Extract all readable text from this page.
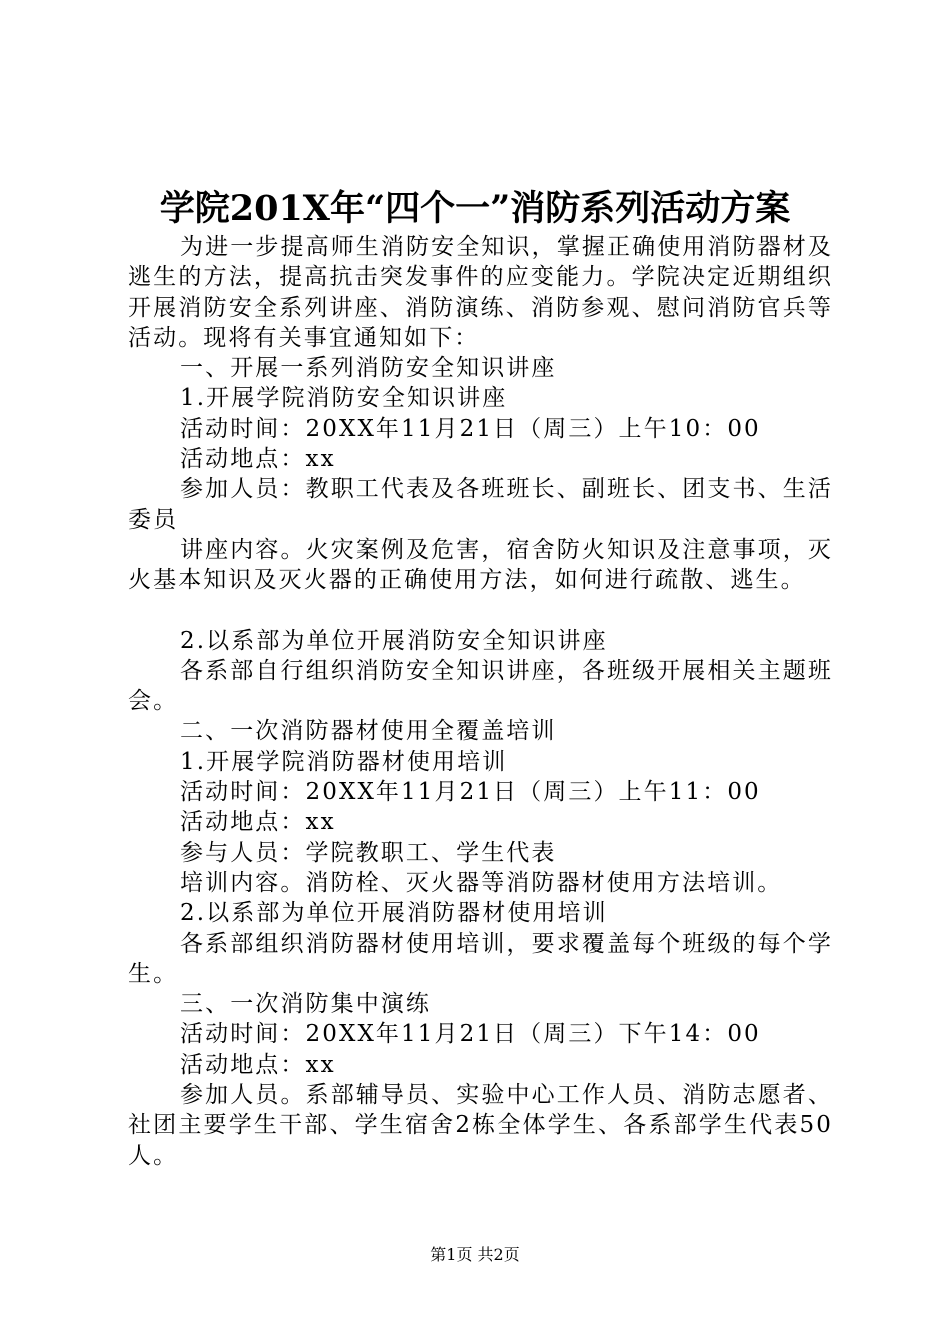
学院201X年“四个一”消防系列活动方案

为进一步提高师生消防安全知识，掌握正确使用消防器材及逃生的方法，提高抗击突发事件的应变能力。学院决定近期组织开展消防安全系列讲座、消防演练、消防参观、慰问消防官兵等活动。现将有关事宜通知如下：

一、开展一系列消防安全知识讲座

1.开展学院消防安全知识讲座

活动时间：20XX年11月21日（周三）上午10：00

活动地点：xx

参加人员：教职工代表及各班班长、副班长、团支书、生活委员

讲座内容。火灾案例及危害，宿舍防火知识及注意事项，灭火基本知识及灭火器的正确使用方法，如何进行疏散、逃生。

2.以系部为单位开展消防安全知识讲座

各系部自行组织消防安全知识讲座，各班级开展相关主题班会。

二、一次消防器材使用全覆盖培训

1.开展学院消防器材使用培训

活动时间：20XX年11月21日（周三）上午11：00

活动地点：xx

参与人员：学院教职工、学生代表

培训内容。消防栓、灭火器等消防器材使用方法培训。

2.以系部为单位开展消防器材使用培训

各系部组织消防器材使用培训，要求覆盖每个班级的每个学生。

三、一次消防集中演练

活动时间：20XX年11月21日（周三）下午14：00

活动地点：xx

参加人员。系部辅导员、实验中心工作人员、消防志愿者、社团主要学生干部、学生宿舍2栋全体学生、各系部学生代表50人。

第1页 共2页
